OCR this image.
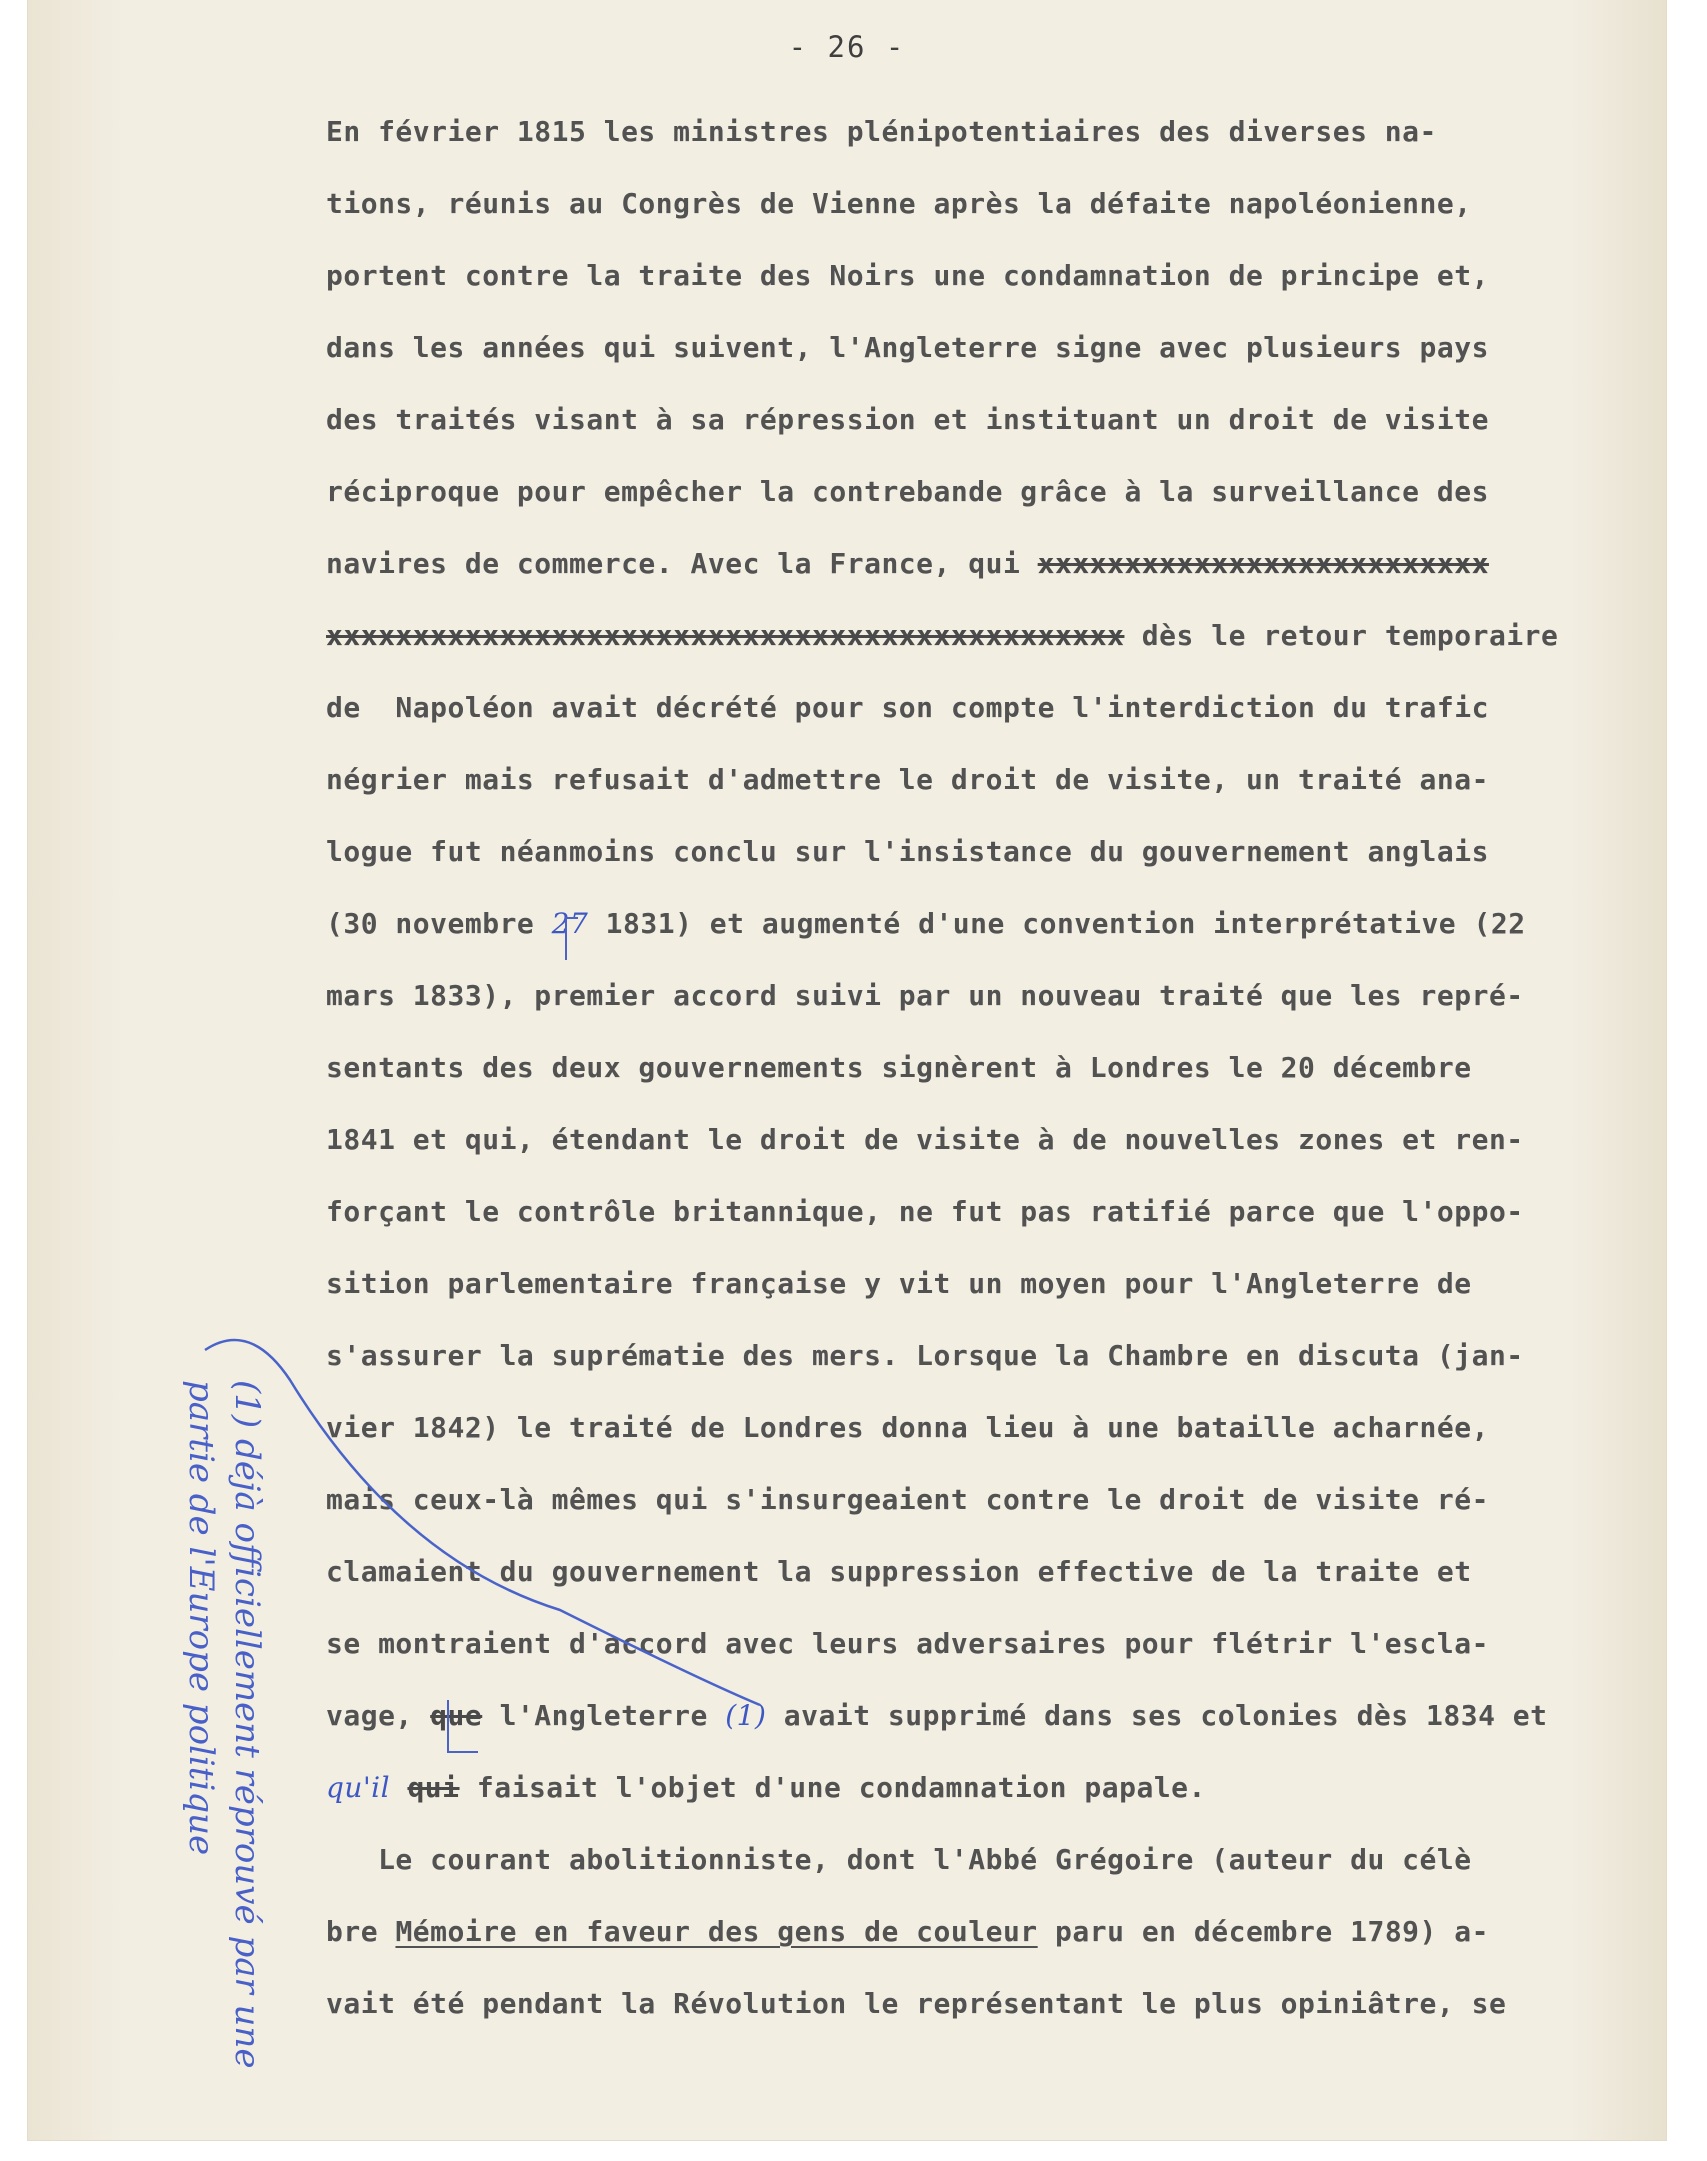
- 26 -
En février 1815 les ministres plénipotentiaires des diverses na-
tions, réunis au Congrès de Vienne après la défaite napoléonienne,
portent contre la traite des Noirs une condamnation de principe et,
dans les années qui suivent, l'Angleterre signe avec plusieurs pays
des traités visant à sa répression et instituant un droit de visite
réciproque pour empêcher la contrebande grâce à la surveillance des
navires de commerce. Avec la France, qui xxxxxxxxxxxxxxxxxxxxxxxxxx
xxxxxxxxxxxxxxxxxxxxxxxxxxxxxxxxxxxxxxxxxxxxxx dès le retour temporaire
de  Napoléon avait décrété pour son compte l'interdiction du trafic
négrier mais refusait d'admettre le droit de visite, un traité ana-
logue fut néanmoins conclu sur l'insistance du gouvernement anglais
(30 novembre 27 1831) et augmenté d'une convention interprétative (22
mars 1833), premier accord suivi par un nouveau traité que les repré-
sentants des deux gouvernements signèrent à Londres le 20 décembre
1841 et qui, étendant le droit de visite à de nouvelles zones et ren-
forçant le contrôle britannique, ne fut pas ratifié parce que l'oppo-
sition parlementaire française y vit un moyen pour l'Angleterre de
s'assurer la suprématie des mers. Lorsque la Chambre en discuta (jan-
vier 1842) le traité de Londres donna lieu à une bataille acharnée,
mais ceux-là mêmes qui s'insurgeaient contre le droit de visite ré-
clamaient du gouvernement la suppression effective de la traite et
se montraient d'accord avec leurs adversaires pour flétrir l'escla-
vage, que l'Angleterre (1) avait supprimé dans ses colonies dès 1834 et
qu'il qui faisait l'objet d'une condamnation papale.
Le courant abolitionniste, dont l'Abbé Grégoire (auteur du célè
bre Mémoire en faveur des gens de couleur paru en décembre 1789) a-
vait été pendant la Révolution le représentant le plus opiniâtre, se
(1) déjà officiellement réprouvé par une partie de l'Europe politique
